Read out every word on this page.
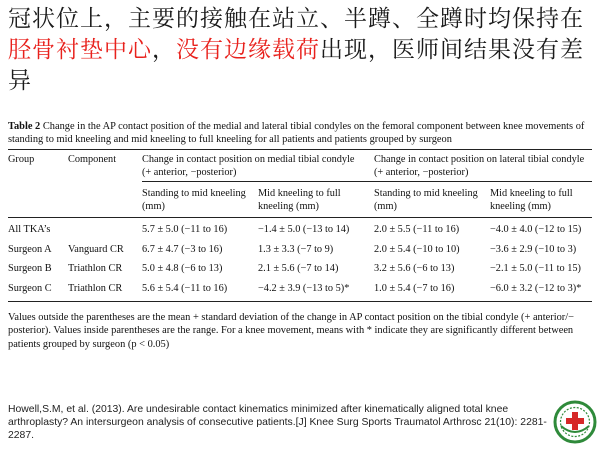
冠状位上，主要的接触在站立、半蹲、全蹲时均保持在胫骨衬垫中心，没有边缘载荷出现，医师间结果没有差异

Table 2 Change in the AP contact position of the medial and lateral tibial condyles on the femoral component between knee movements of standing to mid kneeling and mid kneeling to full kneeling for all patients and patients grouped by surgeon
Group	Component	Change in contact position on medial tibial condyle (+ anterior, −posterior)		Change in contact position on lateral tibial condyle (+ anterior, −posterior)	
		Standing to mid kneeling (mm)	Mid kneeling to full kneeling (mm)	Standing to mid kneeling (mm)	Mid kneeling to full kneeling (mm)
All TKA’s		5.7 ± 5.0 (−11 to 16)	−1.4 ± 5.0 (−13 to 14)	2.0 ± 5.5 (−11 to 16)	−4.0 ± 4.0 (−12 to 15)
Surgeon A	Vanguard CR	6.7 ± 4.7 (−3 to 16)	1.3 ± 3.3 (−7 to 9)	2.0 ± 5.4 (−10 to 10)	−3.6 ± 2.9 (−10 to 3)
Surgeon B	Triathlon CR	5.0 ± 4.8 (−6 to 13)	2.1 ± 5.6 (−7 to 14)	3.2 ± 5.6 (−6 to 13)	−2.1 ± 5.0 (−11 to 15)
Surgeon C	Triathlon CR	5.6 ± 5.4 (−11 to 16)	−4.2 ± 3.9 (−13 to 5)*	1.0 ± 5.4 (−7 to 16)	−6.0 ± 3.2 (−12 to 3)*
Values outside the parentheses are the mean + standard deviation of the change in AP contact position on the tibial condyle (+ anterior/− posterior). Values inside parentheses are the range. For a knee movement, means with * indicate they are significantly different between patients grouped by surgeon (p < 0.05)
Howell,S.M, et al. (2013). Are undesirable contact kinematics minimized after kinematically aligned total knee arthroplasty? An intersurgeon analysis of consecutive patients.[J] Knee Surg Sports Traumatol Arthrosc 21(10): 2281-2287.
